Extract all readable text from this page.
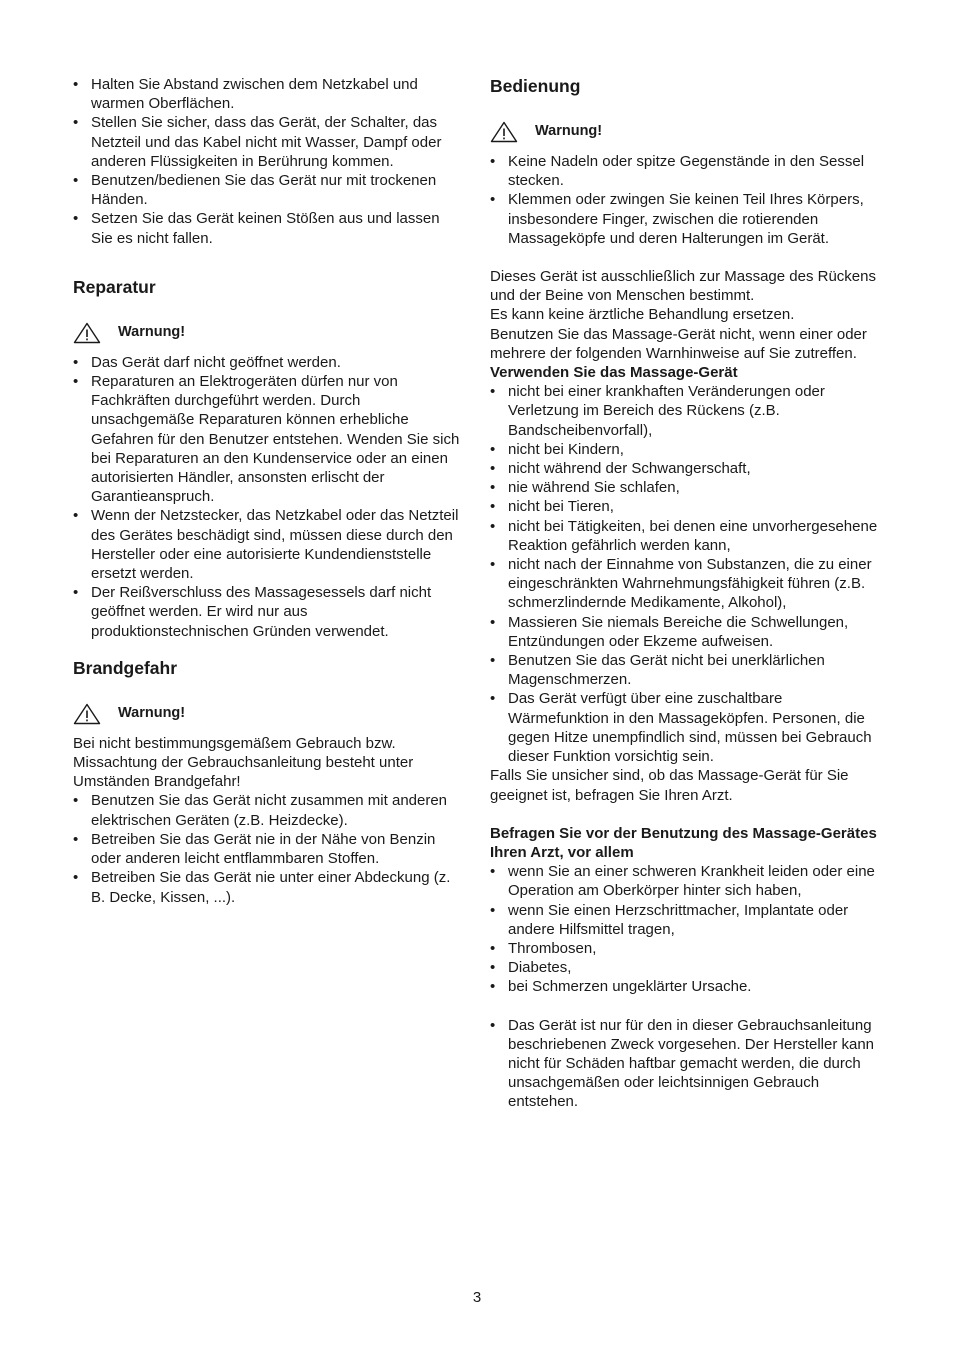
• Halten Sie Abstand zwischen dem Netzkabel und warmen Oberflächen.
• Stellen Sie sicher, dass das Gerät, der Schalter, das Netzteil und das Kabel nicht mit Wasser, Dampf oder anderen Flüssigkeiten in Berührung kommen.
• Benutzen/bedienen Sie das Gerät nur mit trockenen Händen.
• Setzen Sie das Gerät keinen Stößen aus und lassen Sie es nicht fallen.
Reparatur
Warnung!
• Das Gerät darf nicht geöffnet werden.
• Reparaturen an Elektrogeräten dürfen nur von Fachkräften durchgeführt werden. Durch unsachgemäße Reparaturen können erhebliche Gefahren für den Benutzer entstehen. Wenden Sie sich bei Reparaturen an den Kundenservice oder an einen autorisierten Händler, ansonsten erlischt der Garantieanspruch.
• Wenn der Netzstecker, das Netzkabel oder das Netzteil des Gerätes beschädigt sind, müssen diese durch den Hersteller oder eine autorisierte Kundendienststelle ersetzt werden.
• Der Reißverschluss des Massagesessels darf nicht geöffnet werden. Er wird nur aus produktionstechnischen Gründen verwendet.
Brandgefahr
Warnung!

Bei nicht bestimmungsgemäßem Gebrauch bzw. Missachtung der Gebrauchsanleitung besteht unter Umständen Brandgefahr!

• Benutzen Sie das Gerät nicht zusammen mit anderen elektrischen Geräten (z.B. Heizdecke).
• Betreiben Sie das Gerät nie in der Nähe von Benzin oder anderen leicht entflammbaren Stoffen.
• Betreiben Sie das Gerät nie unter einer Abdeckung (z. B. Decke, Kissen, ...).
Bedienung
Warnung!
• Keine Nadeln oder spitze Gegenstände in den Sessel stecken.
• Klemmen oder zwingen Sie keinen Teil Ihres Körpers, insbesondere Finger, zwischen die rotierenden Massageköpfe und deren Halterungen im Gerät.

Dieses Gerät ist ausschließlich zur Massage des Rückens und der Beine von Menschen bestimmt.

Es kann keine ärztliche Behandlung ersetzen.

Benutzen Sie das Massage-Gerät nicht, wenn einer oder mehrere der folgenden Warnhinweise auf Sie zutreffen.

Verwenden Sie das Massage-Gerät

• nicht bei einer krankhaften Veränderungen oder Verletzung im Bereich des Rückens (z.B. Bandscheibenvorfall),
• nicht bei Kindern,
• nicht während der Schwangerschaft,
• nie während Sie schlafen,
• nicht bei Tieren,
• nicht bei Tätigkeiten, bei denen eine unvorhergesehene Reaktion gefährlich werden kann,
• nicht nach der Einnahme von Substanzen, die zu einer eingeschränkten Wahrnehmungsfähigkeit führen (z.B. schmerzlindernde Medikamente, Alkohol),
• Massieren Sie niemals Bereiche die Schwellungen, Entzündungen oder Ekzeme aufweisen.
• Benutzen Sie das Gerät nicht bei unerklärlichen Magenschmerzen.
• Das Gerät verfügt über eine zuschaltbare Wärmefunktion in den Massageköpfen. Personen, die gegen Hitze unempfindlich sind, müssen bei Gebrauch dieser Funktion vorsichtig sein.

Falls Sie unsicher sind, ob das Massage-Gerät für Sie geeignet ist, befragen Sie Ihren Arzt.

Befragen Sie vor der Benutzung des Massage-Gerätes Ihren Arzt, vor allem

• wenn Sie an einer schweren Krankheit leiden oder eine Operation am Oberkörper hinter sich haben,
• wenn Sie einen Herzschrittmacher, Implantate oder andere Hilfsmittel tragen,
• Thrombosen,
• Diabetes,
• bei Schmerzen ungeklärter Ursache.
• Das Gerät ist nur für den in dieser Gebrauchsanleitung beschriebenen Zweck vorgesehen. Der Hersteller kann nicht für Schäden haftbar gemacht werden, die durch unsachgemäßen oder leichtsinnigen Gebrauch entstehen.
3
